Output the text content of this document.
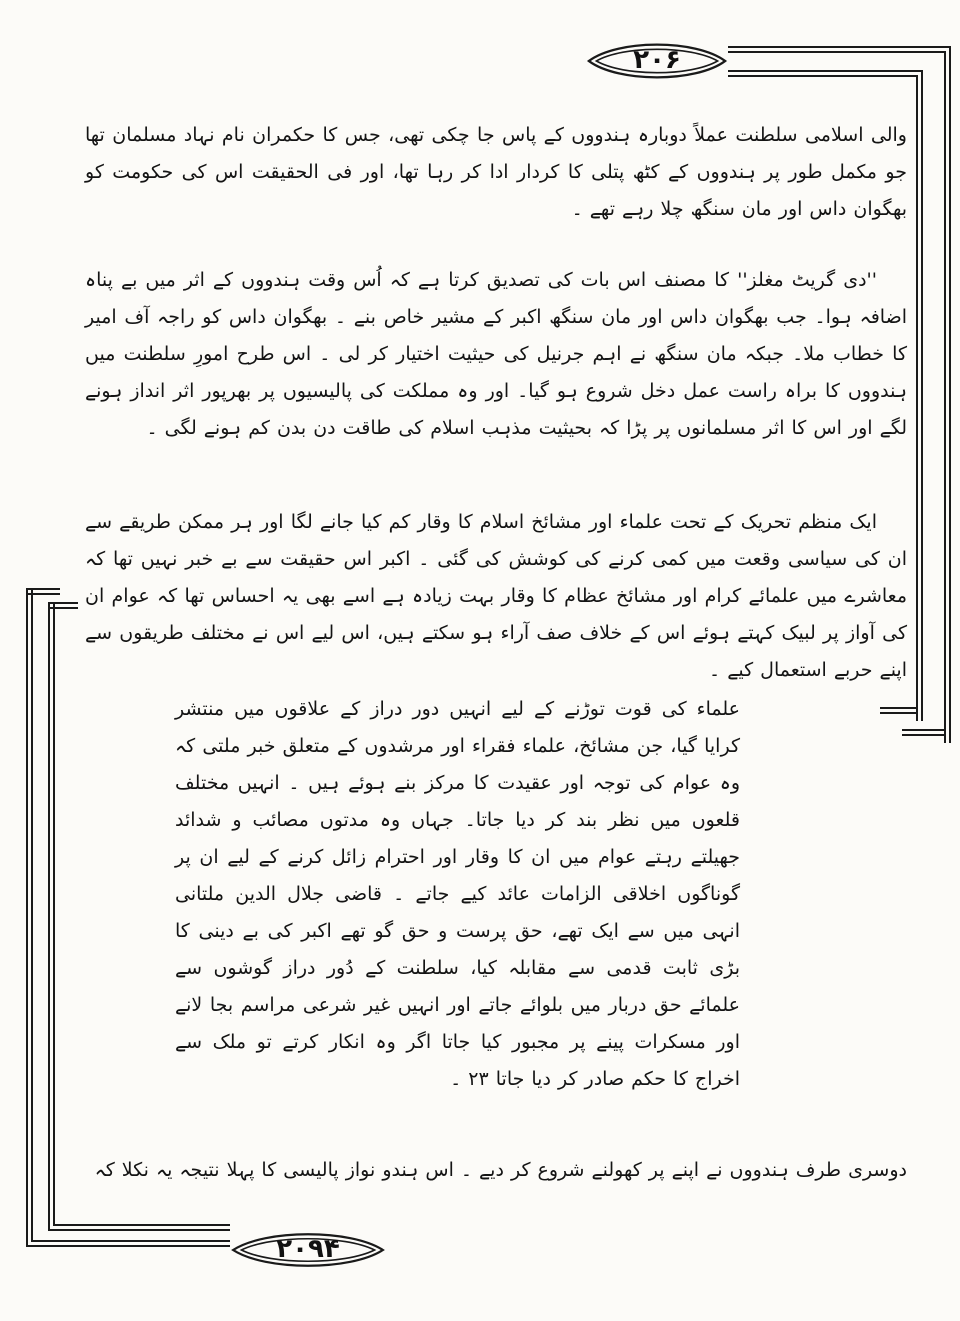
۲۰۶
۲۰۹۴

والی اسلامی سلطنت عملاً دوبارہ ہندووں کے پاس جا چکی تھی، جس کا حکمران نام نہاد مسلمان تھا جو مکمل طور پر ہندووں کے کٹھ پتلی کا کردار ادا کر رہا تھا، اور فی الحقیقت اس کی حکومت کو بھگوان داس اور مان سنگھ چلا رہے تھے ۔

''دی گریٹ مغلز'' کا مصنف اس بات کی تصدیق کرتا ہے کہ اُس وقت ہندووں کے اثر میں بے پناہ اضافہ ہوا۔ جب بھگوان داس اور مان سنگھ اکبر کے مشیر خاص بنے ۔ بھگوان داس کو راجہ آف امیر کا خطاب ملا۔ جبکہ مان سنگھ نے اہم جرنیل کی حیثیت اختیار کر لی ۔ اس طرح امورِ سلطنت میں ہندووں کا براہ راست عمل دخل شروع ہو گیا۔ اور وہ مملکت کی پالیسیوں پر بھرپور اثر انداز ہونے لگے اور اس کا اثر مسلمانوں پر پڑا کہ بحیثیت مذہب اسلام کی طاقت دن بدن کم ہونے لگی ۔

ایک منظم تحریک کے تحت علماء اور مشائخ اسلام کا وقار کم کیا جانے لگا اور ہر ممکن طریقے سے ان کی سیاسی وقعت میں کمی کرنے کی کوشش کی گئی ۔ اکبر اس حقیقت سے بے خبر نہیں تھا کہ معاشرے میں علمائے کرام اور مشائخ عظام کا وقار بہت زیادہ ہے اسے بھی یہ احساس تھا کہ عوام ان کی آواز پر لبیک کہتے ہوئے اس کے خلاف صف آراء ہو سکتے ہیں، اس لیے اس نے مختلف طریقوں سے اپنے حربے استعمال کیے ۔

علماء کی قوت توڑنے کے لیے انہیں دور دراز کے علاقوں میں منتشر کرایا گیا، جن مشائخ، علماء فقراء اور مرشدوں کے متعلق خبر ملتی کہ وہ عوام کی توجہ اور عقیدت کا مرکز بنے ہوئے ہیں ۔ انہیں مختلف قلعوں میں نظر بند کر دیا جاتا۔ جہاں وہ مدتوں مصائب و شدائد جھیلتے رہتے عوام میں ان کا وقار اور احترام زائل کرنے کے لیے ان پر گوناگوں اخلاقی الزامات عائد کیے جاتے ۔ قاضی جلال الدین ملتانی انہی میں سے ایک تھے، حق پرست و حق گو تھے اکبر کی بے دینی کا بڑی ثابت قدمی سے مقابلہ کیا، سلطنت کے دُور دراز گوشوں سے علمائے حق دربار میں بلوائے جاتے اور انہیں غیر شرعی مراسم بجا لانے اور مسکرات پینے پر مجبور کیا جاتا اگر وہ انکار کرتے تو ملک سے اخراج کا حکم صادر کر دیا جاتا ۲۳ ۔

دوسری طرف ہندووں نے اپنے پر کھولنے شروع کر دیے ۔ اس ہندو نواز پالیسی کا پہلا نتیجہ یہ نکلا کہ
